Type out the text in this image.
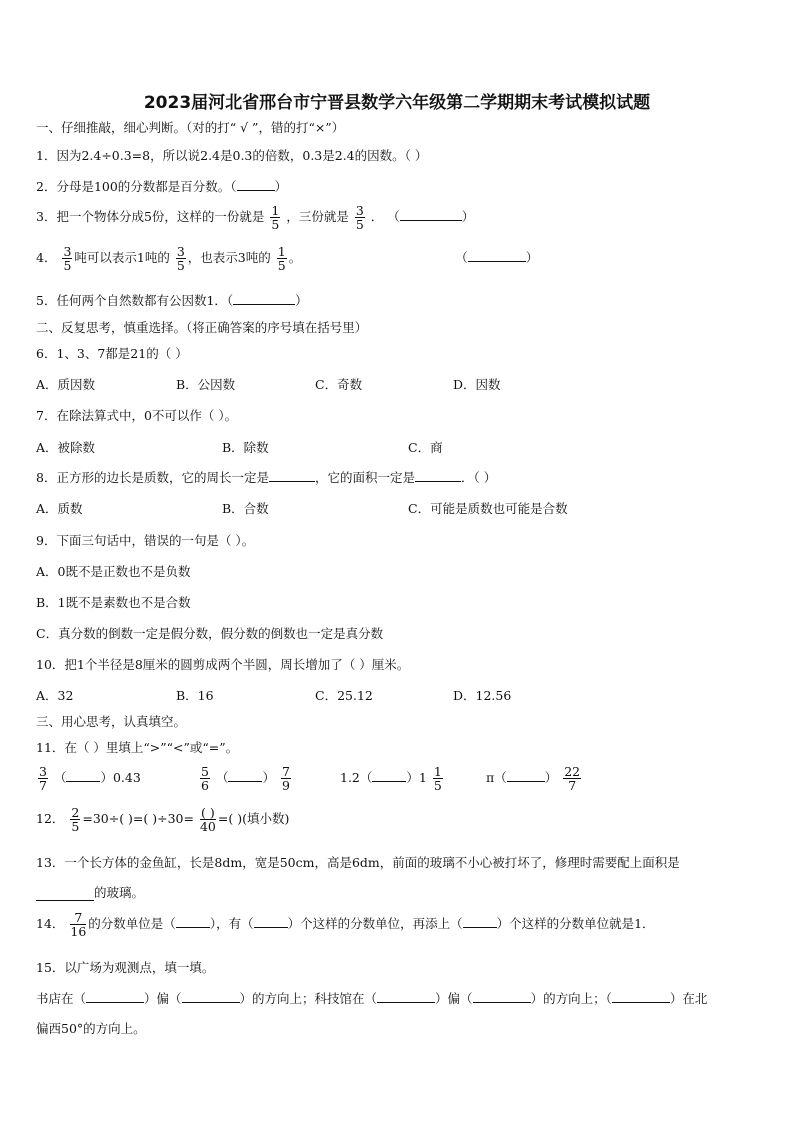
2023届河北省邢台市宁晋县数学六年级第二学期期末考试模拟试题
一、仔细推敲，细心判断。（对的打“ √ ”，错的打“×”）
1．因为2.4÷0.3=8，所以说2.4是0.3的倍数，0.3是2.4的因数。（ ）
2．分母是100的分数都是百分数。（	）
3．把一个物体分成5份，这样的一份就是 $\frac{1}{5}$ ，三份就是 $\frac{3}{5}$ ． （	）
4． $\frac{3}{5}$ 吨可以表示1吨的 $\frac{3}{5}$ ，也表示3吨的 $\frac{1}{5}$ 。	（	）
5．任何两个自然数都有公因数1．（	）
二、反复思考，慎重选择。（将正确答案的序号填在括号里）
6．1、3、7都是21的（ ）
A．质因数	B．公因数	C．奇数	D．因数
7．在除法算式中，0不可以作（ ）。
A．被除数	B．除数	C．商
8．正方形的边长是质数，它的周长一定是	，它的面积一定是	．（ ）
A．质数	B．合数	C．可能是质数也可能是合数
9．下面三句话中，错误的一句是（ ）。
A．0既不是正数也不是负数
B．1既不是素数也不是合数
C．真分数的倒数一定是假分数，假分数的倒数也一定是真分数
10．把1个半径是8厘米的圆剪成两个半圆，周长增加了（ ）厘米。
A．32	B．16	C．25.12	D．12.56
三、用心思考，认真填空。
11．在（ ）里填上“>”“<”或“=”。
$\frac{3}{7}$ （	）0.43	$\frac{5}{6}$ （	） $\frac{7}{9}$	1.2（	）$1 \frac{1}{5}$	π（	） $\frac{22}{7}$
12． $\frac{2}{5} =30\div$( )=( )$\div 30= \frac{( )}{40}$ =( )(填小数)
13．一个长方体的金鱼缸，长是8dm，宽是50cm，高是6dm，前面的玻璃不小心被打坏了，修理时需要配上面积是
的玻璃。
14． $\frac{7}{16}$ 的分数单位是（	），有（	）个这样的分数单位，再添上（	）个这样的分数单位就是1．
15．以广场为观测点，填一填。
书店在（	）偏（	）的方向上；科技馆在（	）偏（	）的方向上；（	）在北
偏西50°的方向上。
